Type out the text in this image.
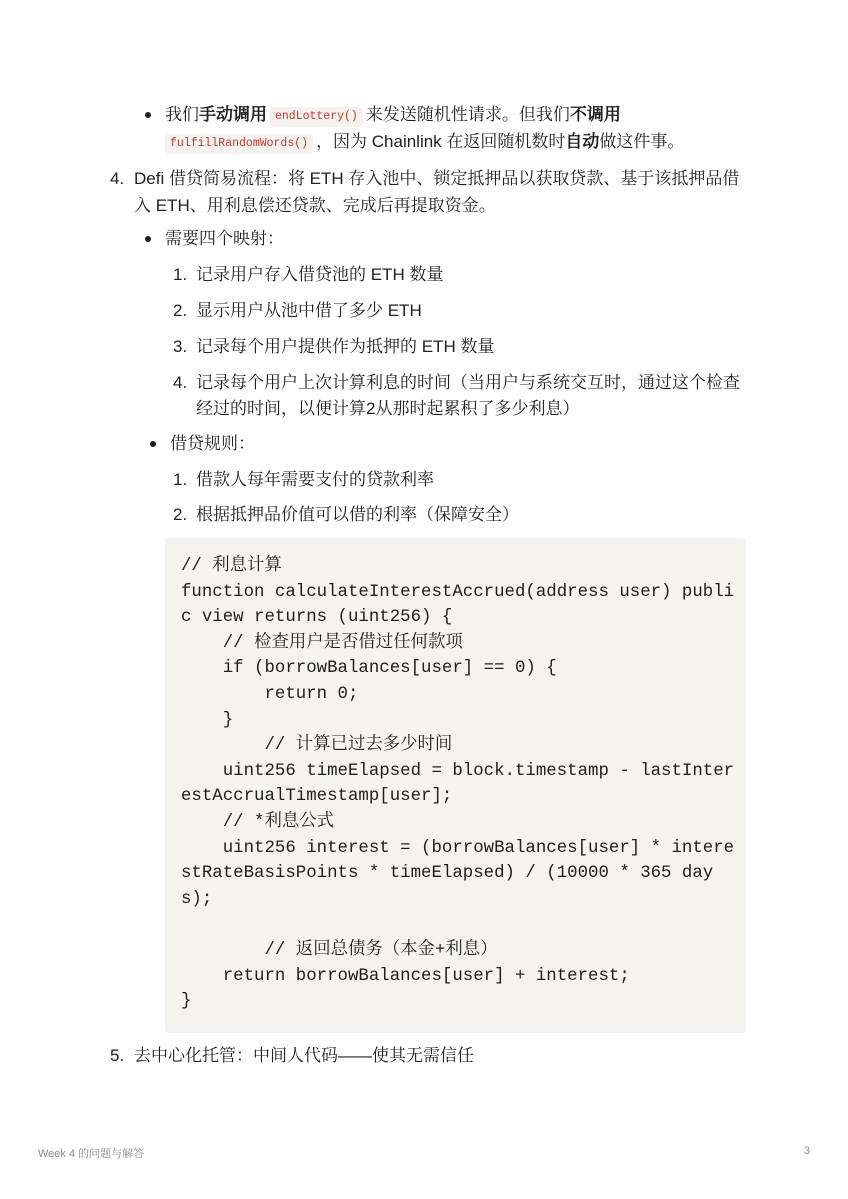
我们手动调用 endLottery() 来发送随机性请求。但我们不调用
fulfillRandomWords() ，因为 Chainlink 在返回随机数时自动做这件事。
4. Defi 借贷简易流程：将 ETH 存入池中、锁定抵押品以获取贷款、基于该抵押品借
入 ETH、用利息偿还贷款、完成后再提取资金。
需要四个映射：
1. 记录用户存入借贷池的 ETH 数量
2. 显示用户从池中借了多少 ETH
3. 记录每个用户提供作为抵押的 ETH 数量
4. 记录每个用户上次计算利息的时间（当用户与系统交互时，通过这个检查
经过的时间，以便计算2从那时起累积了多少利息）
借贷规则：
1. 借款人每年需要支付的贷款利率
2. 根据抵押品价值可以借的利率（保障安全）
// 利息计算
function calculateInterestAccrued(address user) publi
c view returns (uint256) {
// 检查用户是否借过任何款项
if (borrowBalances[user] == 0) {
return 0;
}
// 计算已过去多少时间
uint256 timeElapsed = block.timestamp - lastInter
estAccrualTimestamp[user];
// *利息公式
uint256 interest = (borrowBalances[user] * intere
stRateBasisPoints * timeElapsed) / (10000 * 365 day
s);

// 返回总债务（本金+利息）
return borrowBalances[user] + interest;
}
5. 去中心化托管：中间人代码——使其无需信任
Week 4 的问题与解答	3
